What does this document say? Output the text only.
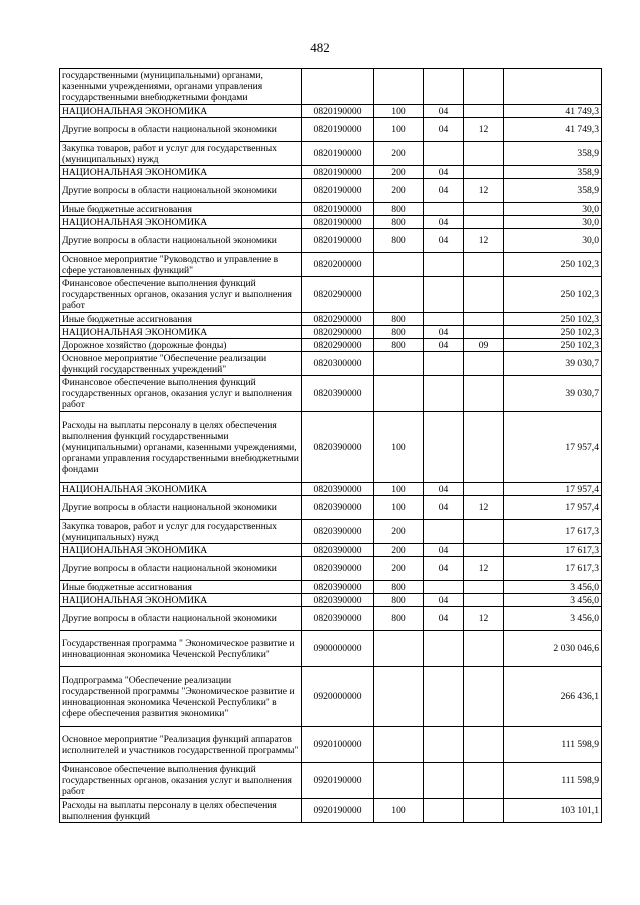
482
государственными (муниципальными) органами, казенными учреждениями, органами управления государственными внебюджетными фондами					
НАЦИОНАЛЬНАЯ ЭКОНОМИКА	0820190000	100	04		41 749,3
Другие вопросы в области национальной экономики	0820190000	100	04	12	41 749,3
Закупка товаров, работ и услуг для государственных (муниципальных) нужд	0820190000	200			358,9
НАЦИОНАЛЬНАЯ ЭКОНОМИКА	0820190000	200	04		358,9
Другие вопросы в области национальной экономики	0820190000	200	04	12	358,9
Иные бюджетные ассигнования	0820190000	800			30,0
НАЦИОНАЛЬНАЯ ЭКОНОМИКА	0820190000	800	04		30,0
Другие вопросы в области национальной экономики	0820190000	800	04	12	30,0
Основное мероприятие "Руководство и управление в сфере установленных функций"	0820200000				250 102,3
Финансовое обеспечение выполнения функций государственных органов, оказания услуг и выполнения работ	0820290000				250 102,3
Иные бюджетные ассигнования	0820290000	800			250 102,3
НАЦИОНАЛЬНАЯ ЭКОНОМИКА	0820290000	800	04		250 102,3
Дорожное хозяйство (дорожные фонды)	0820290000	800	04	09	250 102,3
Основное мероприятие "Обеспечение реализации функций государственных учреждений"	0820300000				39 030,7
Финансовое обеспечение выполнения функций государственных органов, оказания услуг и выполнения работ	0820390000				39 030,7
Расходы на выплаты персоналу в целях обеспечения выполнения функций государственными (муниципальными) органами, казенными учреждениями, органами управления государственными внебюджетными фондами	0820390000	100			17 957,4
НАЦИОНАЛЬНАЯ ЭКОНОМИКА	0820390000	100	04		17 957,4
Другие вопросы в области национальной экономики	0820390000	100	04	12	17 957,4
Закупка товаров, работ и услуг для государственных (муниципальных) нужд	0820390000	200			17 617,3
НАЦИОНАЛЬНАЯ ЭКОНОМИКА	0820390000	200	04		17 617,3
Другие вопросы в области национальной экономики	0820390000	200	04	12	17 617,3
Иные бюджетные ассигнования	0820390000	800			3 456,0
НАЦИОНАЛЬНАЯ ЭКОНОМИКА	0820390000	800	04		3 456,0
Другие вопросы в области национальной экономики	0820390000	800	04	12	3 456,0
Государственная программа " Экономическое развитие и инновационная экономика Чеченской Республики"	0900000000				2 030 046,6
Подпрограмма "Обеспечение реализации государственной программы "Экономическое развитие и инновационная экономика Чеченской Республики" в сфере обеспечения развития экономики"	0920000000				266 436,1
Основное мероприятие "Реализация функций аппаратов исполнителей и участников государственной программы"	0920100000				111 598,9
Финансовое обеспечение выполнения функций государственных органов, оказания услуг и выполнения работ	0920190000				111 598,9
Расходы на выплаты персоналу в целях обеспечения выполнения функций	0920190000	100			103 101,1
